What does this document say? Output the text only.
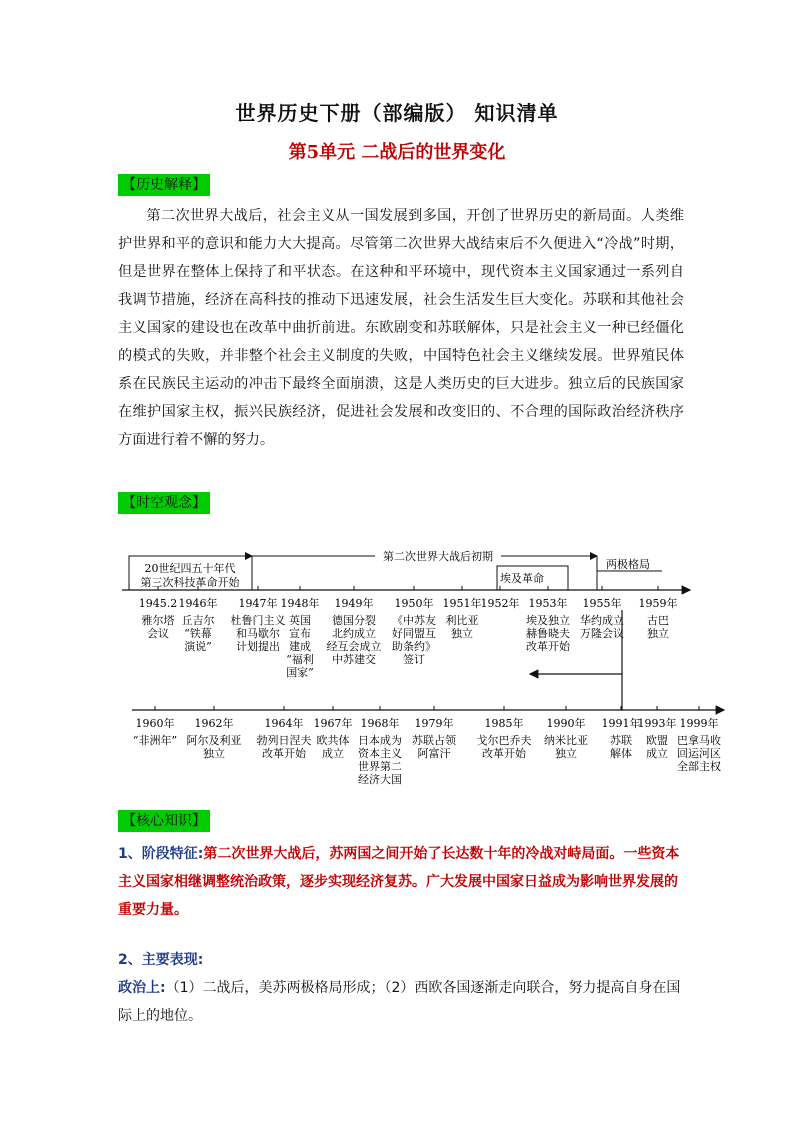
世界历史下册（部编版） 知识清单
第5单元 二战后的世界变化
【历史解释】
第二次世界大战后，社会主义从一国发展到多国，开创了世界历史的新局面。人类维护世界和平的意识和能力大大提高。尽管第二次世界大战结束后不久便进入“冷战”时期，但是世界在整体上保持了和平状态。在这种和平环境中，现代资本主义国家通过一系列自我调节措施，经济在高科技的推动下迅速发展，社会生活发生巨大变化。苏联和其他社会主义国家的建设也在改革中曲折前进。东欧剧变和苏联解体，只是社会主义一种已经僵化的模式的失败，并非整个社会主义制度的失败，中国特色社会主义继续发展。世界殖民体系在民族民主运动的冲击下最终全面崩溃，这是人类历史的巨大进步。独立后的民族国家在维护国家主权，振兴民族经济，促进社会发展和改变旧的、不合理的国际政治经济秩序方面进行着不懈的努力。
【时空观念】
20世纪四五十年代
第三次科技革命开始
第二次世界大战后初期
埃及革命
两极格局
1945.2
雅尔塔
会议
1946年
丘吉尔
“铁幕
演说”
1947年
杜鲁门主义
和马歇尔
计划提出
1948年
英国
宣布
建成
“福利
国家”
1949年
德国分裂
北约成立
经互会成立
中苏建交
1950年
《中苏友
好同盟互
助条约》
签订
1951年
利比亚
独立
1952年 1953年
埃及独立
赫鲁晓夫
改革开始
1955年
华约成立
万隆会议
1959年
古巴
独立
1960年
“非洲年”
1962年
阿尔及利亚
独立
1964年
勃列日涅夫
改革开始
1967年
欧共体
成立
1968年
日本成为
资本主义
世界第二
经济大国
1979年
苏联占领
阿富汗
1985年
戈尔巴乔夫
改革开始
1990年
纳米比亚
独立
1991年
苏联
解体
1993年
欧盟
成立
1999年
巴拿马收
回运河区
全部主权
【核心知识】
1、阶段特征:第二次世界大战后，苏两国之间开始了长达数十年的冷战对峙局面。一些资本主义国家相继调整统治政策，逐步实现经济复苏。广大发展中国家日益成为影响世界发展的重要力量。
2、主要表现:
政治上:（1）二战后，美苏两极格局形成；（2）西欧各国逐渐走向联合，努力提高自身在国际上的地位。
